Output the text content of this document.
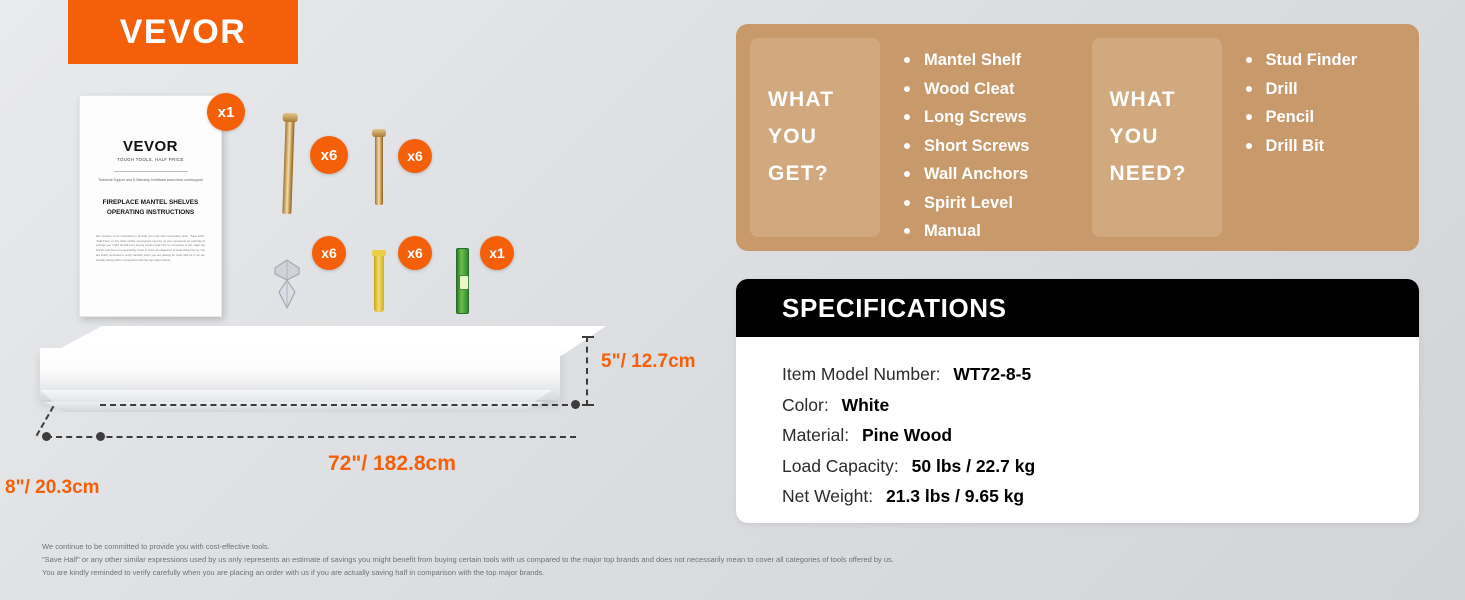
VEVOR
VEVOR
TOUGH TOOLS, HALF PRICE
Technical Support and E-Warranty Certificate www.vevor.com/support
FIREPLACE MANTEL SHELVES
OPERATING INSTRUCTIONS
We continue to be committed to provide you tools with competitive price. "Save Half", "Half Price" or any other similar expressions used by us only represents an estimate of savings you might benefit from buying certain tools with us compared to the major top brands and does not necessarily mean to cover all categories of tools offered by us. You are kindly reminded to verify carefully when you are placing an order with us if you are actually saving half in comparison with the top major brands.
x1
x6	x6
x6	x6	x1
5"/ 12.7cm
72"/ 182.8cm
8"/ 20.3cm
WHAT
YOU
GET?
Mantel Shelf
Wood Cleat
Long Screws
Short Screws
Wall Anchors
Spirit Level
Manual
WHAT
YOU
NEED?
Stud Finder
Drill
Pencil
Drill Bit
SPECIFICATIONS
Item Model Number: WT72-8-5
Color: White
Material: Pine Wood
Load Capacity: 50 lbs / 22.7 kg
Net Weight: 21.3 lbs / 9.65 kg
We continue to be committed to provide you with cost-effective tools.
"Save Half" or any other similar expressions used by us only represents an estimate of savings you might benefit from buying certain tools with us compared to the major top brands and does not necessarily mean to cover all categories of tools offered by us.
You are kindly reminded to verify carefully when you are placing an order with us if you are actually saving half in comparison with the top major brands.
